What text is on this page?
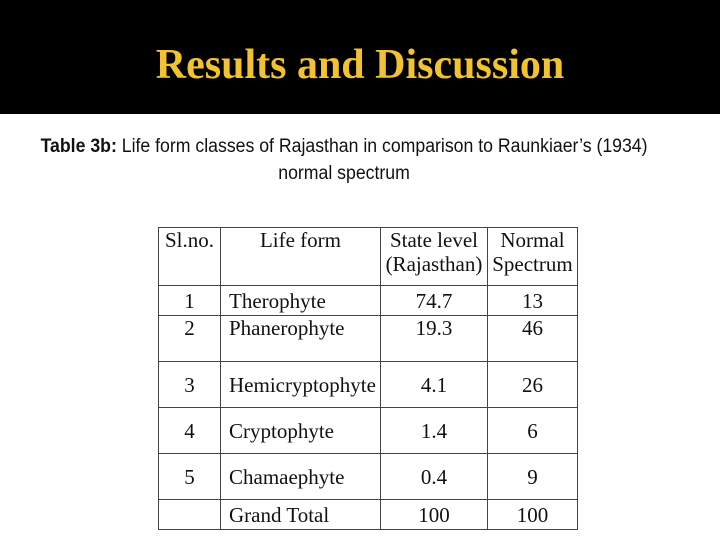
Results and Discussion
Table 3b: Life form classes of Rajasthan in comparison to Raunkiaer’s (1934) normal spectrum
Sl.no.	Life form	State level (Rajasthan)	Normal Spectrum
1	Therophyte	74.7	13
2	Phanerophyte	19.3	46
3	Hemicryptophyte	4.1	26
4	Cryptophyte	1.4	6
5	Chamaephyte	0.4	9
	Grand Total	100	100
